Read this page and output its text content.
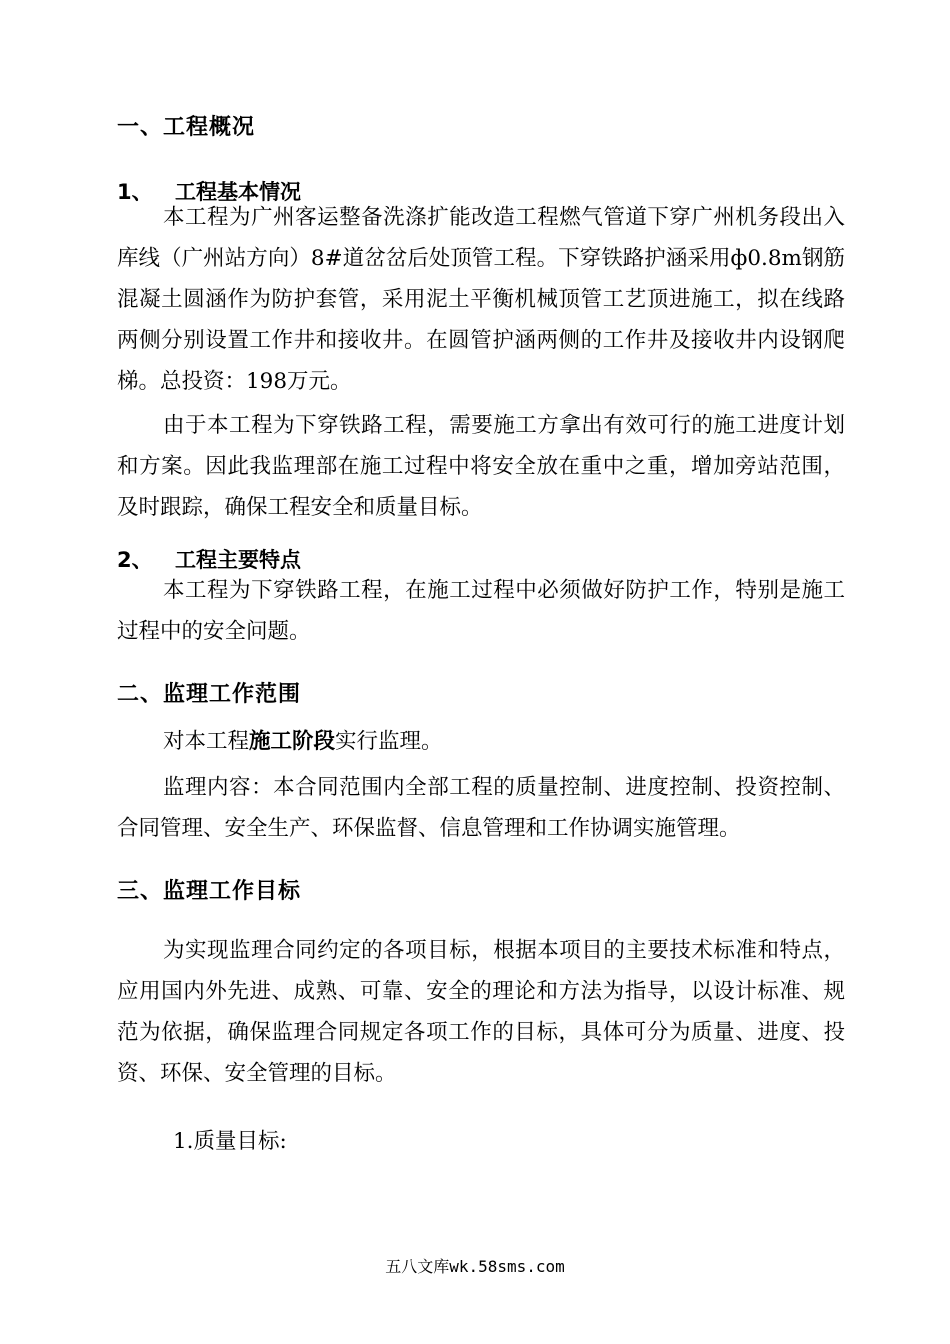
一、工程概况
1、 工程基本情况

本工程为广州客运整备洗涤扩能改造工程燃气管道下穿广州机务段出入库线（广州站方向）8#道岔岔后处顶管工程。下穿铁路护涵采用ф0.8m钢筋混凝土圆涵作为防护套管，采用泥土平衡机械顶管工艺顶进施工，拟在线路两侧分别设置工作井和接收井。在圆管护涵两侧的工作井及接收井内设钢爬梯。总投资：198万元。

由于本工程为下穿铁路工程，需要施工方拿出有效可行的施工进度计划和方案。因此我监理部在施工过程中将安全放在重中之重，增加旁站范围，及时跟踪，确保工程安全和质量目标。

2、 工程主要特点

本工程为下穿铁路工程，在施工过程中必须做好防护工作，特别是施工过程中的安全问题。

二、监理工作范围
对本工程施工阶段实行监理。

监理内容：本合同范围内全部工程的质量控制、进度控制、投资控制、合同管理、安全生产、环保监督、信息管理和工作协调实施管理。

三、监理工作目标

为实现监理合同约定的各项目标，根据本项目的主要技术标准和特点，应用国内外先进、成熟、可靠、安全的理论和方法为指导，以设计标准、规范为依据，确保监理合同规定各项工作的目标，具体可分为质量、进度、投资、环保、安全管理的目标。

1.质量目标:
五八文库wk.58sms.com
